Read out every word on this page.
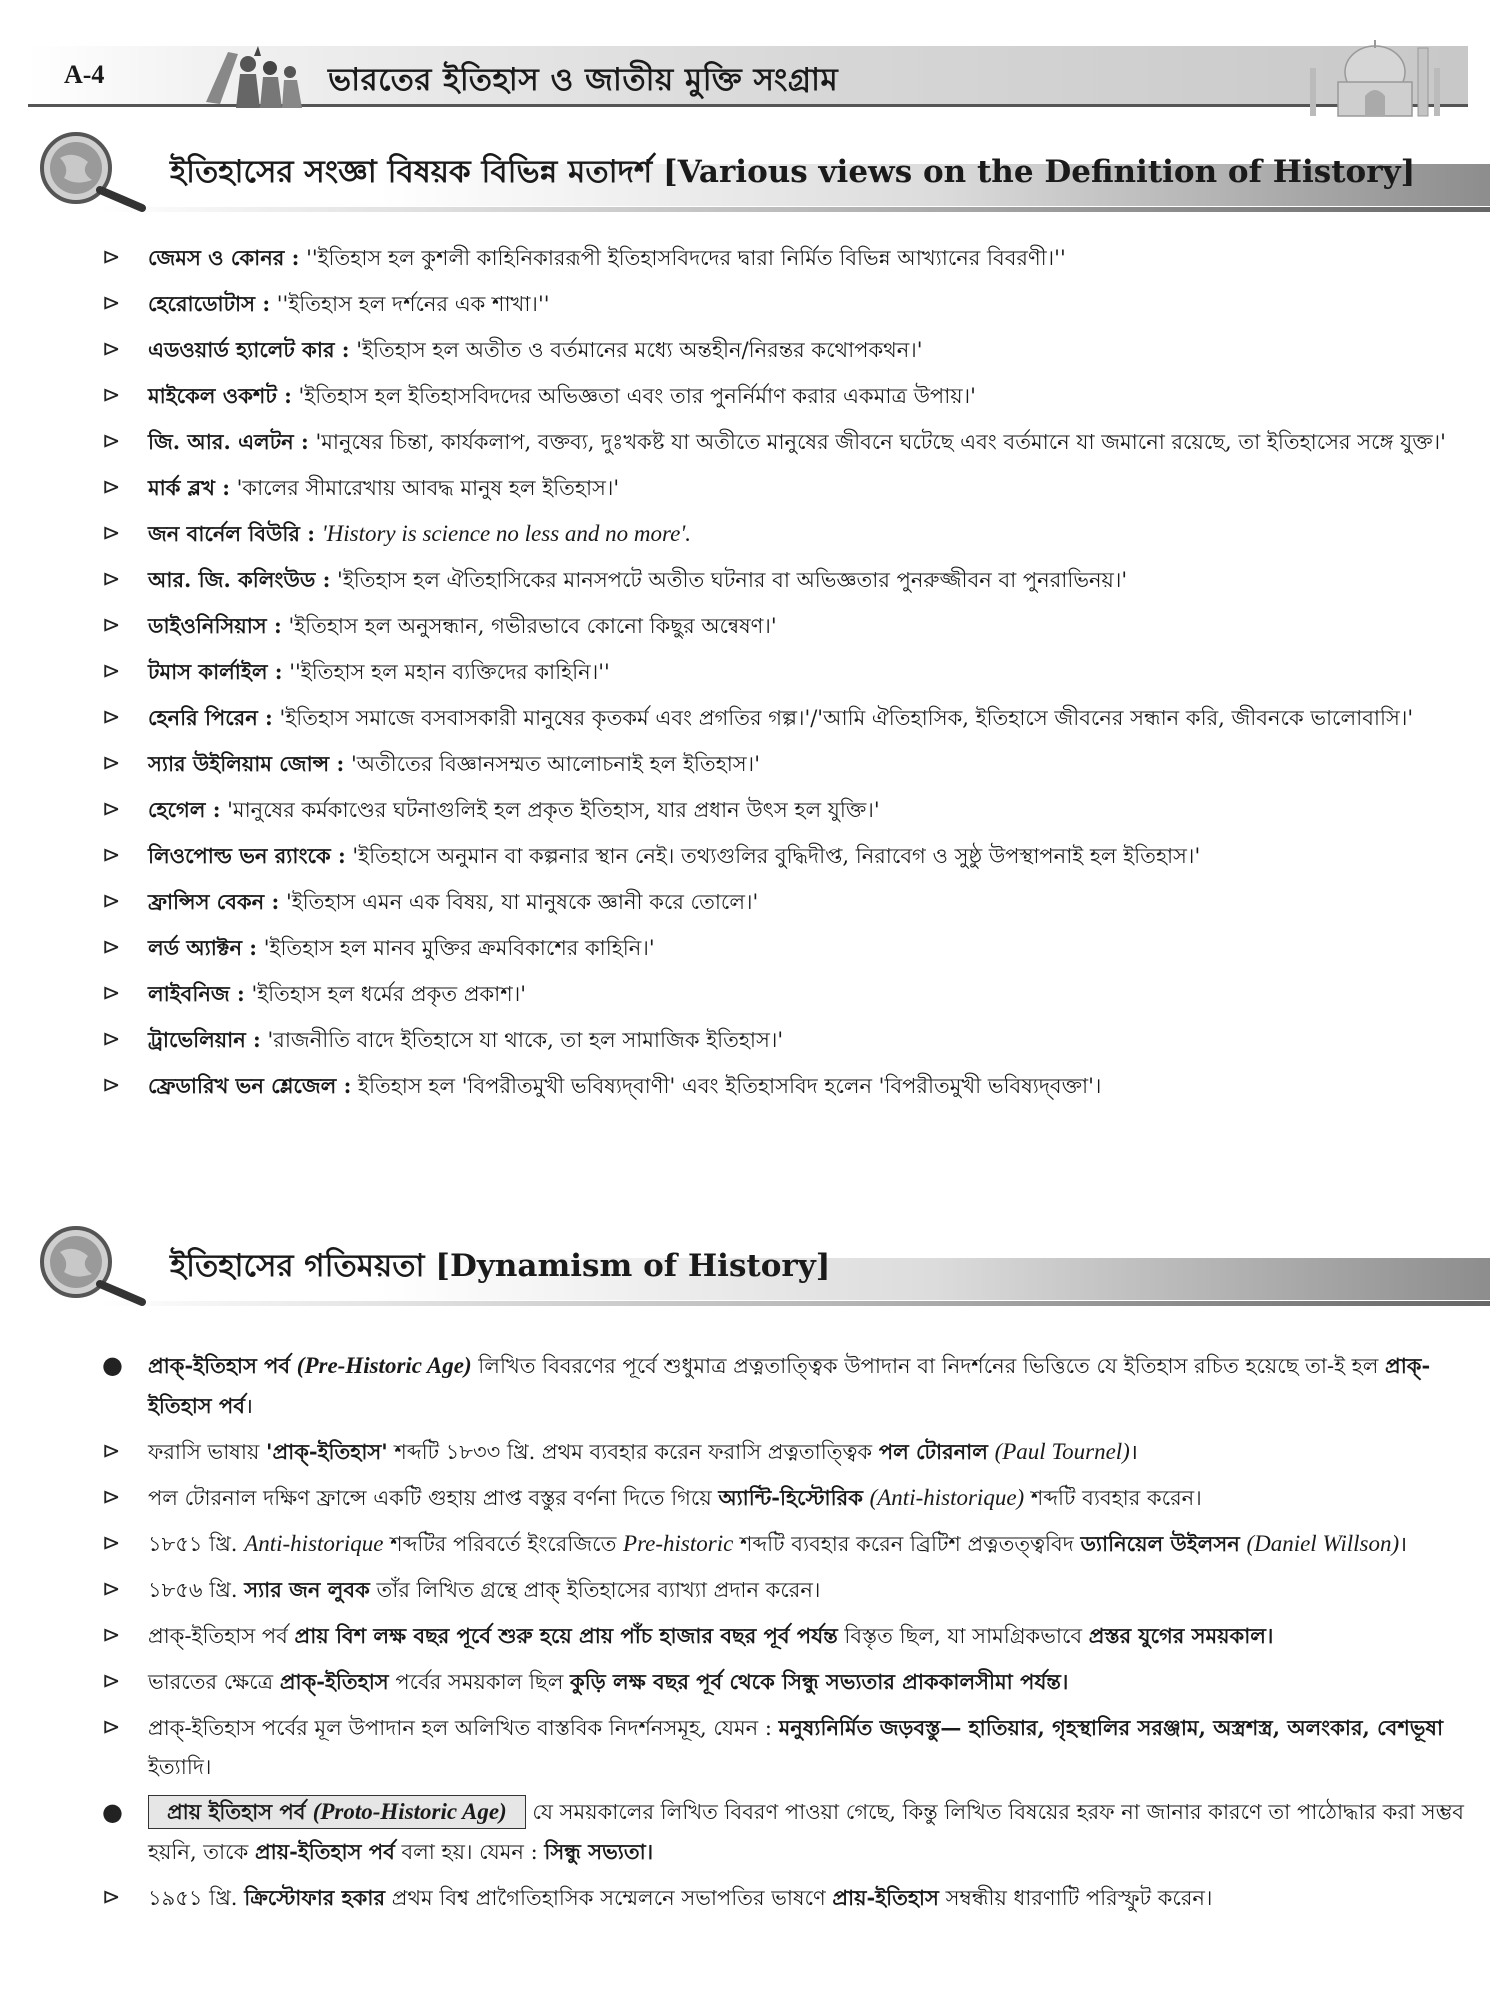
A-4	ভারতের ইতিহাস ও জাতীয় মুক্তি সংগ্রাম
ইতিহাসের সংজ্ঞা বিষয়ক বিভিন্ন মতাদর্শ [Various views on the Definition of History]
⊳ জেমস ও কোনর : ''ইতিহাস হল কুশলী কাহিনিকাররূপী ইতিহাসবিদদের দ্বারা নির্মিত বিভিন্ন আখ্যানের বিবরণী।''
⊳ হেরোডোটাস : ''ইতিহাস হল দর্শনের এক শাখা।''
⊳ এডওয়ার্ড হ্যালেট কার : 'ইতিহাস হল অতীত ও বর্তমানের মধ্যে অন্তহীন/নিরন্তর কথোপকথন।'
⊳ মাইকেল ওকশট : 'ইতিহাস হল ইতিহাসবিদদের অভিজ্ঞতা এবং তার পুনর্নির্মাণ করার একমাত্র উপায়।'
⊳ জি. আর. এলটন : 'মানুষের চিন্তা, কার্যকলাপ, বক্তব্য, দুঃখকষ্ট যা অতীতে মানুষের জীবনে ঘটেছে এবং বর্তমানে যা জমানো রয়েছে, তা ইতিহাসের সঙ্গে যুক্ত।'
⊳ মার্ক ব্লখ : 'কালের সীমারেখায় আবদ্ধ মানুষ হল ইতিহাস।'
⊳ জন বার্নেল বিউরি : 'History is science no less and no more'.
⊳ আর. জি. কলিংউড : 'ইতিহাস হল ঐতিহাসিকের মানসপটে অতীত ঘটনার বা অভিজ্ঞতার পুনরুজ্জীবন বা পুনরাভিনয়।'
⊳ ডাইওনিসিয়াস : 'ইতিহাস হল অনুসন্ধান, গভীরভাবে কোনো কিছুর অন্বেষণ।'
⊳ টমাস কার্লাইল : ''ইতিহাস হল মহান ব্যক্তিদের কাহিনি।''
⊳ হেনরি পিরেন : 'ইতিহাস সমাজে বসবাসকারী মানুষের কৃতকর্ম এবং প্রগতির গল্প।'/'আমি ঐতিহাসিক, ইতিহাসে জীবনের সন্ধান করি, জীবনকে ভালোবাসি।'
⊳ স্যার উইলিয়াম জোন্স : 'অতীতের বিজ্ঞানসম্মত আলোচনাই হল ইতিহাস।'
⊳ হেগেল : 'মানুষের কর্মকাণ্ডের ঘটনাগুলিই হল প্রকৃত ইতিহাস, যার প্রধান উৎস হল যুক্তি।'
⊳ লিওপোল্ড ভন র‍্যাংকে : 'ইতিহাসে অনুমান বা কল্পনার স্থান নেই। তথ্যগুলির বুদ্ধিদীপ্ত, নিরাবেগ ও সুষ্ঠু উপস্থাপনাই হল ইতিহাস।'
⊳ ফ্রান্সিস বেকন : 'ইতিহাস এমন এক বিষয়, যা মানুষকে জ্ঞানী করে তোলে।'
⊳ লর্ড অ্যাক্টন : 'ইতিহাস হল মানব মুক্তির ক্রমবিকাশের কাহিনি।'
⊳ লাইবনিজ : 'ইতিহাস হল ধর্মের প্রকৃত প্রকাশ।'
⊳ ট্রাভেলিয়ান : 'রাজনীতি বাদে ইতিহাসে যা থাকে, তা হল সামাজিক ইতিহাস।'
⊳ ফ্রেডারিখ ভন শ্লেজেল : ইতিহাস হল 'বিপরীতমুখী ভবিষ্যদ্‌বাণী' এবং ইতিহাসবিদ হলেন 'বিপরীতমুখী ভবিষ্যদ্‌বক্তা'।
ইতিহাসের গতিময়তা [Dynamism of History]
● প্রাক্-ইতিহাস পর্ব (Pre-Historic Age) লিখিত বিবরণের পূর্বে শুধুমাত্র প্রত্নতাত্ত্বিক উপাদান বা নিদর্শনের ভিত্তিতে যে ইতিহাস রচিত হয়েছে তা-ই হল প্রাক্-ইতিহাস পর্ব।
⊳ ফরাসি ভাষায় 'প্রাক্-ইতিহাস' শব্দটি ১৮৩৩ খ্রি. প্রথম ব্যবহার করেন ফরাসি প্রত্নতাত্ত্বিক পল টোরনাল (Paul Tournel)।
⊳ পল টোরনাল দক্ষিণ ফ্রান্সে একটি গুহায় প্রাপ্ত বস্তুর বর্ণনা দিতে গিয়ে অ্যান্টি-হিস্টোরিক (Anti-historique) শব্দটি ব্যবহার করেন।
⊳ ১৮৫১ খ্রি. Anti-historique শব্দটির পরিবর্তে ইংরেজিতে Pre-historic শব্দটি ব্যবহার করেন ব্রিটিশ প্রত্নতত্ত্ববিদ ড্যানিয়েল উইলসন (Daniel Willson)।
⊳ ১৮৫৬ খ্রি. স্যার জন লুবক তাঁর লিখিত গ্রন্থে প্রাক্ ইতিহাসের ব্যাখ্যা প্রদান করেন।
⊳ প্রাক্-ইতিহাস পর্ব প্রায় বিশ লক্ষ বছর পূর্বে শুরু হয়ে প্রায় পাঁচ হাজার বছর পূর্ব পর্যন্ত বিস্তৃত ছিল, যা সামগ্রিকভাবে প্রস্তর যুগের সময়কাল।
⊳ ভারতের ক্ষেত্রে প্রাক্-ইতিহাস পর্বের সময়কাল ছিল কুড়ি লক্ষ বছর পূর্ব থেকে সিন্ধু সভ্যতার প্রাককালসীমা পর্যন্ত।
⊳ প্রাক্-ইতিহাস পর্বের মূল উপাদান হল অলিখিত বাস্তবিক নিদর্শনসমূহ, যেমন : মনুষ্যনির্মিত জড়বস্তু— হাতিয়ার, গৃহস্থালির সরঞ্জাম, অস্ত্রশস্ত্র, অলংকার, বেশভূষা ইত্যাদি।
● প্রায় ইতিহাস পর্ব (Proto-Historic Age) যে সময়কালের লিখিত বিবরণ পাওয়া গেছে, কিন্তু লিখিত বিষয়ের হরফ না জানার কারণে তা পাঠোদ্ধার করা সম্ভব হয়নি, তাকে প্রায়-ইতিহাস পর্ব বলা হয়। যেমন : সিন্ধু সভ্যতা।
⊳ ১৯৫১ খ্রি. ক্রিস্টোফার হকার প্রথম বিশ্ব প্রাগৈতিহাসিক সম্মেলনে সভাপতির ভাষণে প্রায়-ইতিহাস সম্বন্ধীয় ধারণাটি পরিস্ফুট করেন।
